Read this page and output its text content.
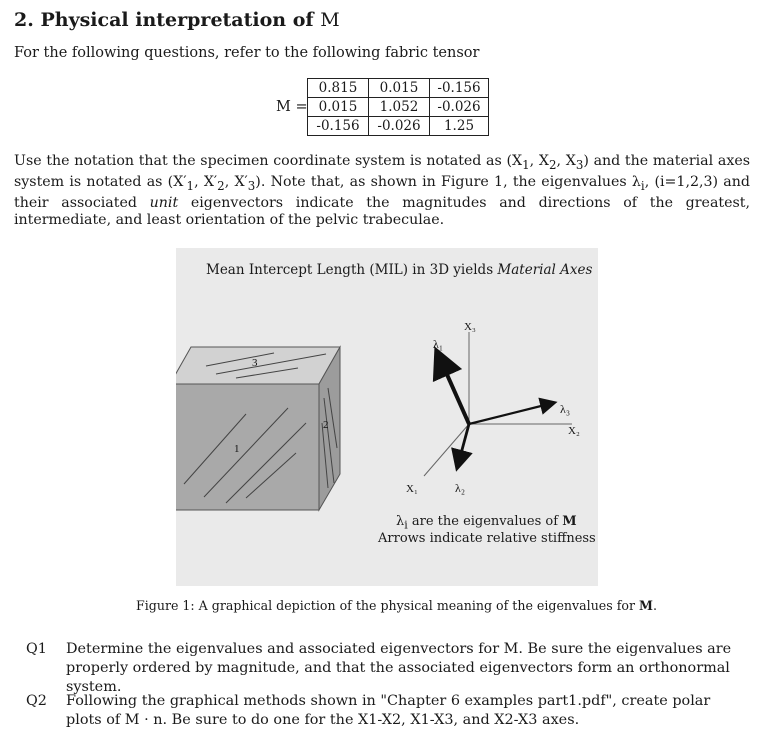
2. Physical interpretation of M
For the following questions, refer to the following fabric tensor
M =
0.815	0.015	-0.156
0.015	1.052	-0.026
-0.156	-0.026	1.25
Use the notation that the specimen coordinate system is notated as ($X_1$, $X_2$, $X_3$) and the material axes system is notated as ($X'_1$, $X'_2$, $X'_3$). Note that, as shown in Figure 1, the eigenvalues $\lambda_i$, (i=1,2,3) and their associated unit eigenvectors indicate the magnitudes and directions of the greatest, intermediate, and least orientation of the pelvic trabeculae.
Mean Intercept Length (MIL) in 3D yields Material Axes
3
2
1
X₃
X₂
X₁
λ₁
λ₃
λ₂
$\lambda_i$ are the eigenvalues of M
Arrows indicate relative stiffness
Figure 1: A graphical depiction of the physical meaning of the eigenvalues for M.
Q1 Determine the eigenvalues and associated eigenvectors for M. Be sure the eigenvalues are properly ordered by magnitude, and that the associated eigenvectors form an orthonormal system.
Q2 Following the graphical methods shown in "Chapter 6 examples part1.pdf", create polar plots of M · n. Be sure to do one for the X1-X2, X1-X3, and X2-X3 axes.
